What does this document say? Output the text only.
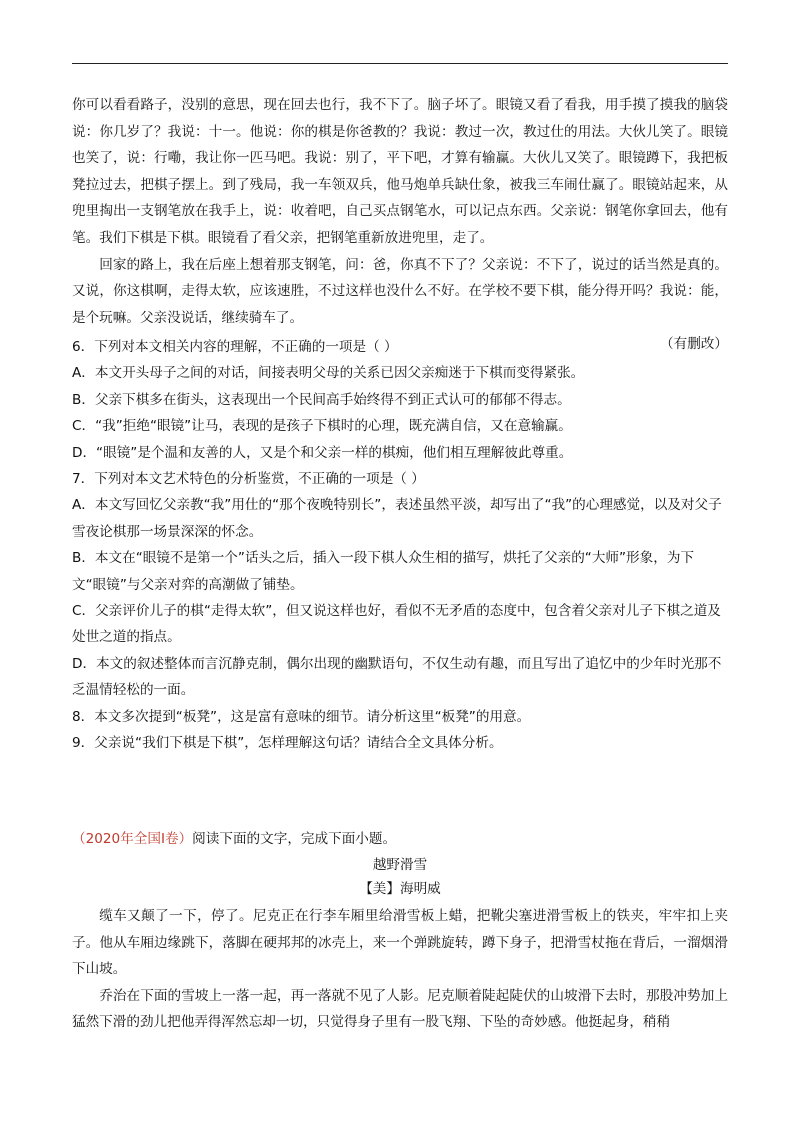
你可以看看路子，没别的意思，现在回去也行，我不下了。脑子坏了。眼镜又看了看我，用手摸了摸我的脑袋说：你几岁了？我说：十一。他说：你的棋是你爸教的？我说：教过一次，教过仕的用法。大伙儿笑了。眼镜也笑了，说：行嘞，我让你一匹马吧。我说：别了，平下吧，才算有输赢。大伙儿又笑了。眼镜蹲下，我把板凳拉过去，把棋子摆上。到了残局，我一车领双兵，他马炮单兵缺仕象，被我三车闹仕赢了。眼镜站起来，从兜里掏出一支钢笔放在我手上，说：收着吧，自己买点钢笔水，可以记点东西。父亲说：钢笔你拿回去，他有笔。我们下棋是下棋。眼镜看了看父亲，把钢笔重新放进兜里，走了。

回家的路上，我在后座上想着那支钢笔，问：爸，你真不下了？父亲说：不下了，说过的话当然是真的。又说，你这棋啊，走得太软，应该速胜，不过这样也没什么不好。在学校不要下棋，能分得开吗？我说：能，是个玩嘛。父亲没说话，继续骑车了。

（有删改）

6．下列对本文相关内容的理解，不正确的一项是（ ）

A．本文开头母子之间的对话，间接表明父母的关系已因父亲痴迷于下棋而变得紧张。

B．父亲下棋多在街头，这表现出一个民间高手始终得不到正式认可的郁郁不得志。

C．“我”拒绝“眼镜”让马，表现的是孩子下棋时的心理，既充满自信，又在意输赢。

D．“眼镜”是个温和友善的人，又是个和父亲一样的棋痴，他们相互理解彼此尊重。

7．下列对本文艺术特色的分析鉴赏，不正确的一项是（ ）

A．本文写回忆父亲教“我”用仕的“那个夜晚特别长”，表述虽然平淡，却写出了“我”的心理感觉，以及对父子雪夜论棋那一场景深深的怀念。

B．本文在“眼镜不是第一个”话头之后，插入一段下棋人众生相的描写，烘托了父亲的“大师”形象，为下文“眼镜”与父亲对弈的高潮做了铺垫。

C．父亲评价儿子的棋“走得太软”，但又说这样也好，看似不无矛盾的态度中，包含着父亲对儿子下棋之道及处世之道的指点。

D．本文的叙述整体而言沉静克制，偶尔出现的幽默语句，不仅生动有趣，而且写出了追忆中的少年时光那不乏温情轻松的一面。

8．本文多次提到“板凳”，这是富有意味的细节。请分析这里“板凳”的用意。

9．父亲说“我们下棋是下棋”，怎样理解这句话？请结合全文具体分析。

（2020年全国Ⅰ卷）阅读下面的文字，完成下面小题。
越野滑雪
【美】海明威

缆车又颠了一下，停了。尼克正在行李车厢里给滑雪板上蜡，把靴尖塞进滑雪板上的铁夹，牢牢扣上夹子。他从车厢边缘跳下，落脚在硬邦邦的冰壳上，来一个弹跳旋转，蹲下身子，把滑雪杖拖在背后，一溜烟滑下山坡。

乔治在下面的雪坡上一落一起，再一落就不见了人影。尼克顺着陡起陡伏的山坡滑下去时，那股冲势加上猛然下滑的劲儿把他弄得浑然忘却一切，只觉得身子里有一股飞翔、下坠的奇妙感。他挺起身，稍稍
